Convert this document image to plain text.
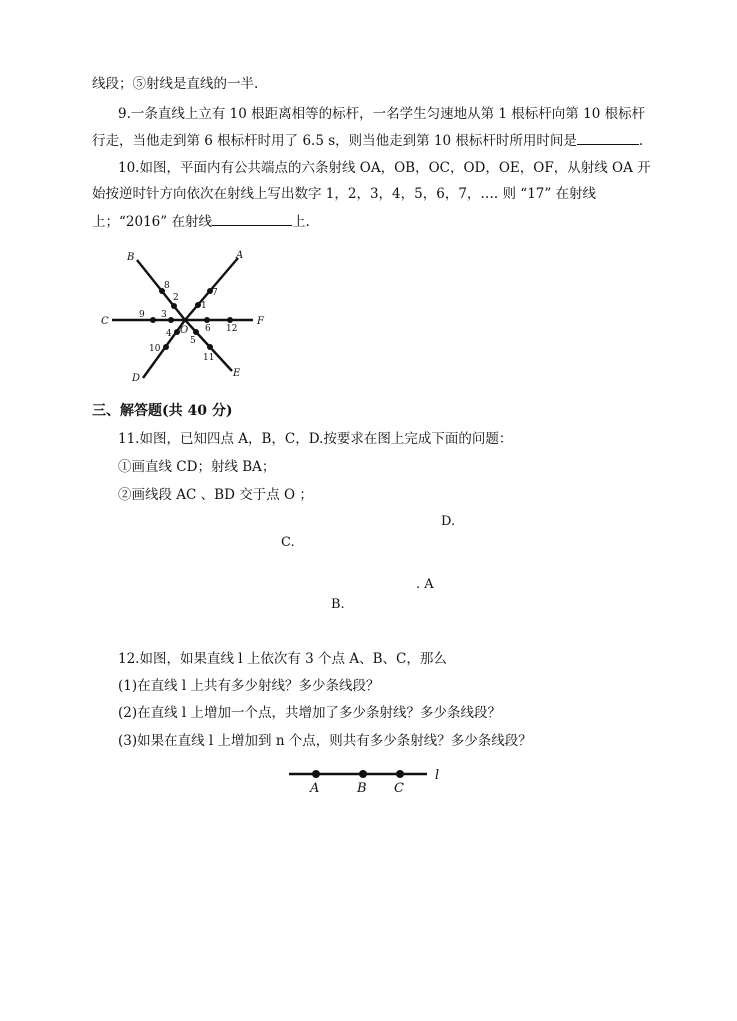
线段；⑤射线是直线的一半.
9.一条直线上立有 10 根距离相等的标杆，一名学生匀速地从第 1 根标杆向第 10 根标杆
行走，当他走到第 6 根标杆时用了 6.5 s，则当他走到第 10 根标杆时所用时间是	.
10.如图，平面内有公共端点的六条射线 OA，OB，OC，OD，OE，OF，从射线 OA 开
始按逆时针方向依次在射线上写出数字 1，2，3，4，5，6，7，…. 则 “17” 在射线
上；“2016” 在射线	上.
A
B
C
D	E
F
O
1
2
3
4
5
6
7
8
9
10
11
12
三、解答题(共 40 分)
11.如图，已知四点 A，B，C，D.按要求在图上完成下面的问题：
①画直线 CD；射线 BA；
②画线段 AC 、BD 交于点 O ；
D.
C.
. A
B.
12.如图，如果直线 l 上依次有 3 个点 A、B、C，那么
(1)在直线 l 上共有多少射线？多少条线段？
(2)在直线 l 上增加一个点，共增加了多少条射线？多少条线段？
(3)如果在直线 l 上增加到 n 个点，则共有多少条射线？多少条线段？
A	B C
l
